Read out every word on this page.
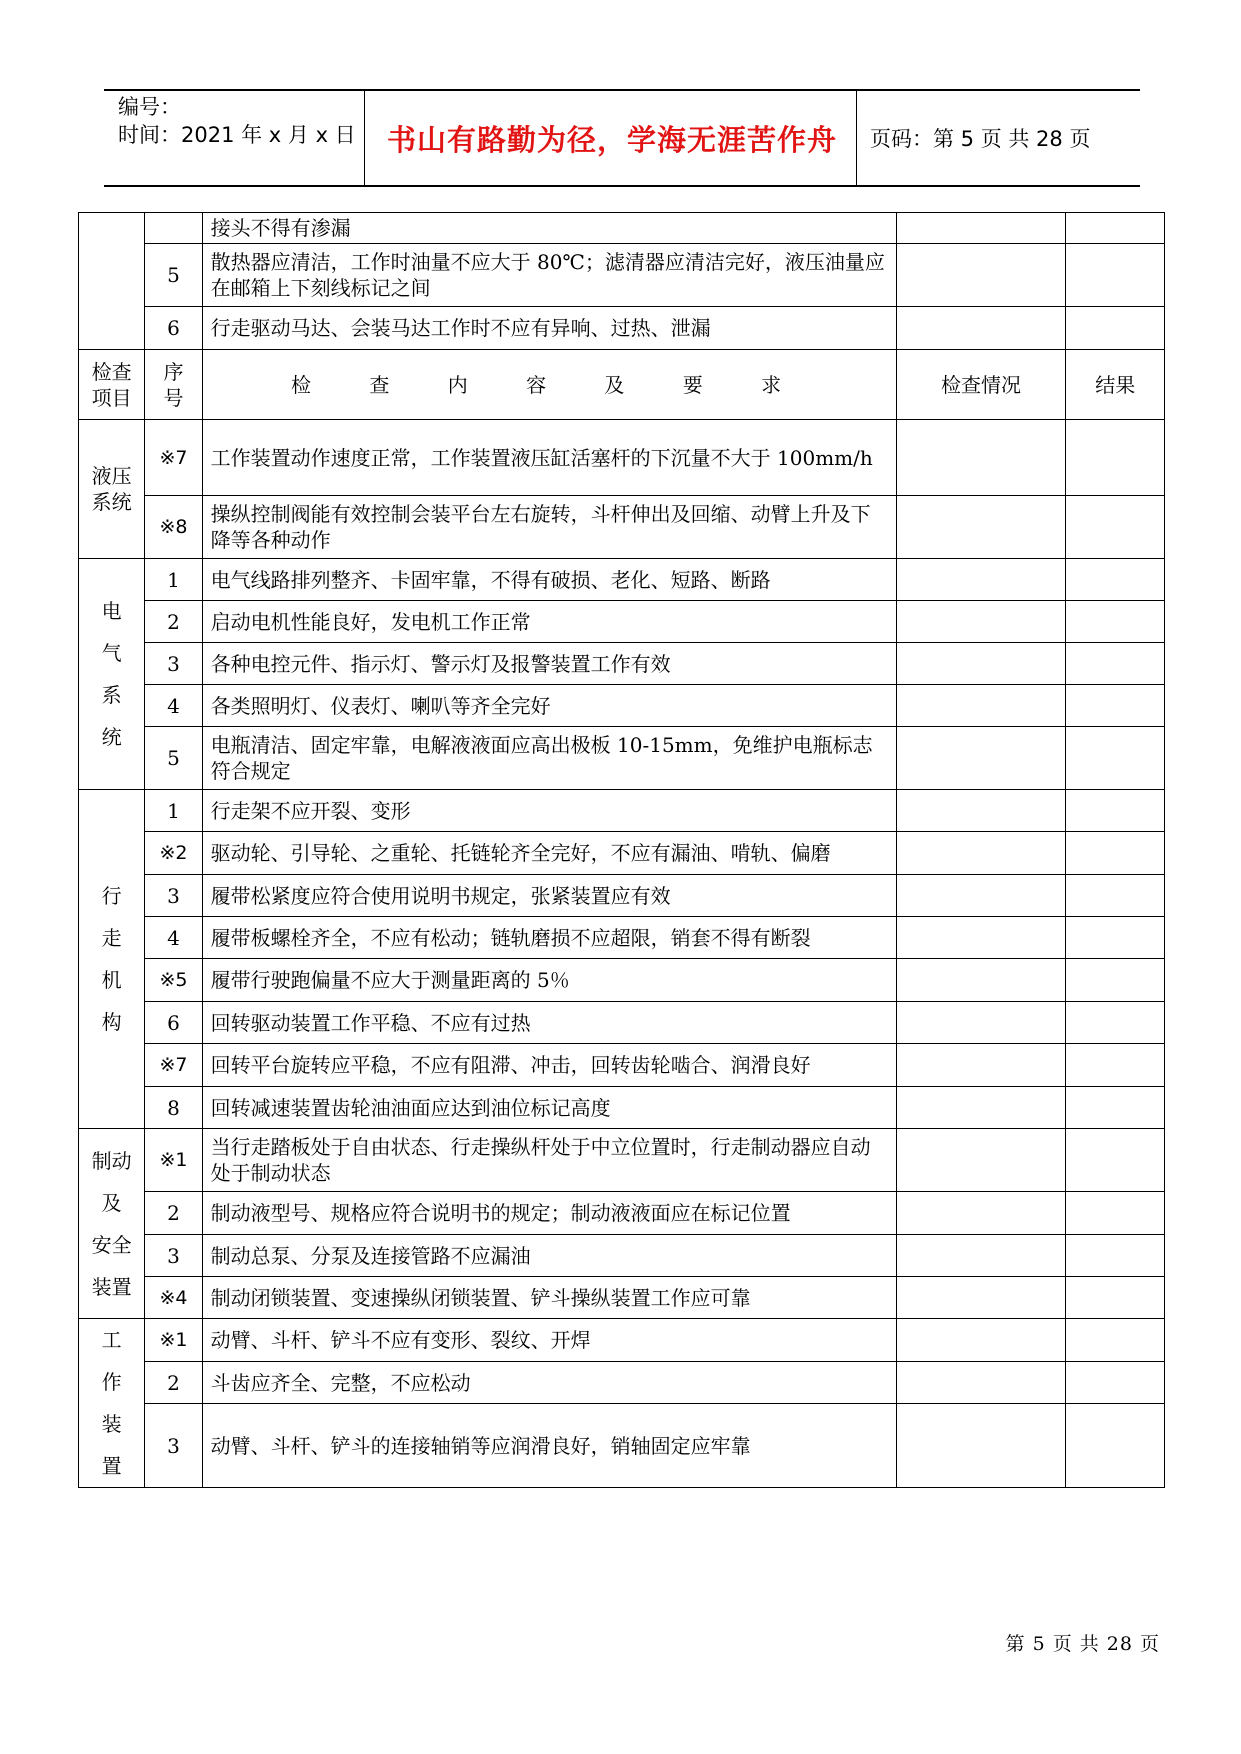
编号：
时间：2021 年 x 月 x 日	书山有路勤为径，学海无涯苦作舟	页码：第 5 页 共 28 页
		接头不得有渗漏		
	5	散热器应清洁，工作时油量不应大于 80℃；滤清器应清洁完好，液压油量应在邮箱上下刻线标记之间		
	6	行走驱动马达、会装马达工作时不应有异响、过热、泄漏		
检查项目	序号	检 查 内 容 及 要 求	检查情况	结果
液压系统	※7	工作装置动作速度正常，工作装置液压缸活塞杆的下沉量不大于 100mm/h		
	※8	操纵控制阀能有效控制会装平台左右旋转，斗杆伸出及回缩、动臂上升及下降等各种动作		

电
气
系
统	1	电气线路排列整齐、卡固牢靠，不得有破损、老化、短路、断路		
	2	启动电机性能良好，发电机工作正常		
	3	各种电控元件、指示灯、警示灯及报警装置工作有效		
	4	各类照明灯、仪表灯、喇叭等齐全完好		
	5	电瓶清洁、固定牢靠，电解液液面应高出极板 10-15mm，免维护电瓶标志符合规定		

行
走
机
构	1	行走架不应开裂、变形		
	※2	驱动轮、引导轮、之重轮、托链轮齐全完好，不应有漏油、啃轨、偏磨		
	3	履带松紧度应符合使用说明书规定，张紧装置应有效		
	4	履带板螺栓齐全，不应有松动；链轨磨损不应超限，销套不得有断裂		
	※5	履带行驶跑偏量不应大于测量距离的 5％		
	6	回转驱动装置工作平稳、不应有过热		
	※7	回转平台旋转应平稳，不应有阻滞、冲击，回转齿轮啮合、润滑良好		
	8	回转减速装置齿轮油油面应达到油位标记高度		

制动
及
安全
装置	※1	当行走踏板处于自由状态、行走操纵杆处于中立位置时，行走制动器应自动处于制动状态		
	2	制动液型号、规格应符合说明书的规定；制动液液面应在标记位置		
	3	制动总泵、分泵及连接管路不应漏油		
	※4	制动闭锁装置、变速操纵闭锁装置、铲斗操纵装置工作应可靠		

工
作
装
置	※1	动臂、斗杆、铲斗不应有变形、裂纹、开焊		
	2	斗齿应齐全、完整，不应松动		
	3	动臂、斗杆、铲斗的连接轴销等应润滑良好，销轴固定应牢靠		
第 5 页 共 28 页
